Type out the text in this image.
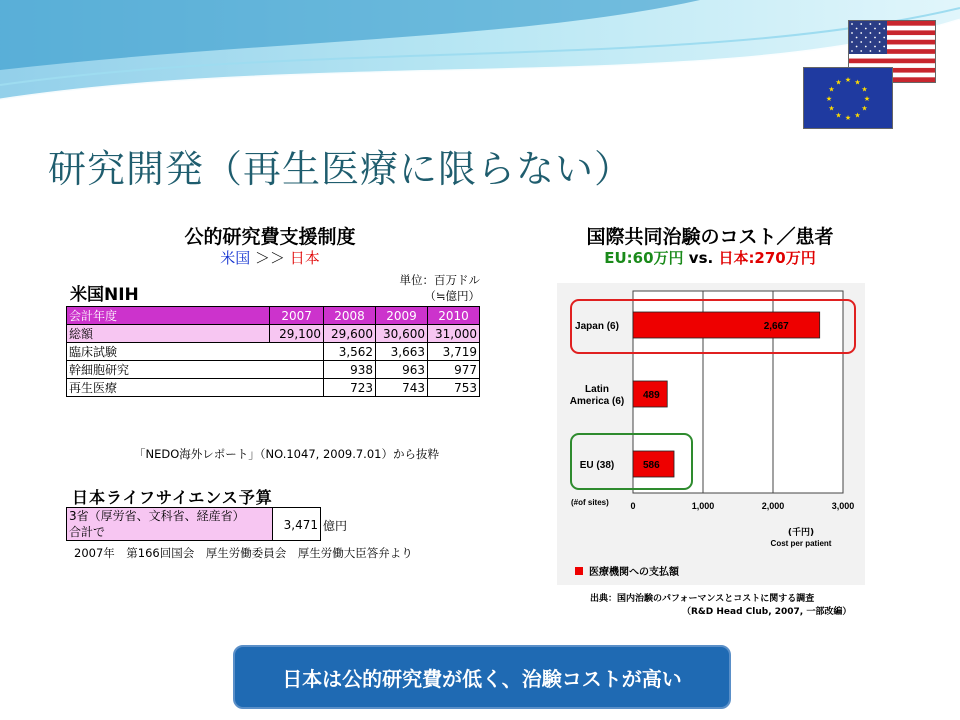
★ ★
★
★
★
★
★
★
★
★
★
★
研究開発（再生医療に限らない）
公的研究費支援制度
米国 ＞＞ 日本
米国NIH
単位：百万ドル
（≒億円）
会計年度	2007	2008	2009	2010
総額	29,100	29,600	30,600	31,000
臨床試験		3,562	3,663	3,719
幹細胞研究		938	963	977
再生医療		723	743	753
「NEDO海外レポート」（NO.1047, 2009.7.01）から抜粋
日本ライフサイエンス予算
3省（厚労省、文科省、経産省）
合計で	3,471 億円
2007年　第166回国会　厚生労働委員会　厚生労働大臣答弁より
国際共同治験のコスト／患者
EU:60万円 vs. 日本:270万円
0	1,000	2,000	3,000
2,667
Japan (6)
489
Latin
America (6)
586
EU (38)
(#of sites)
(千円)
Cost per patient
医療機関への支払額
出典：国内治験のパフォーマンスとコストに関する調査
（R&D Head Club, 2007, 一部改編）
日本は公的研究費が低く、治験コストが高い
